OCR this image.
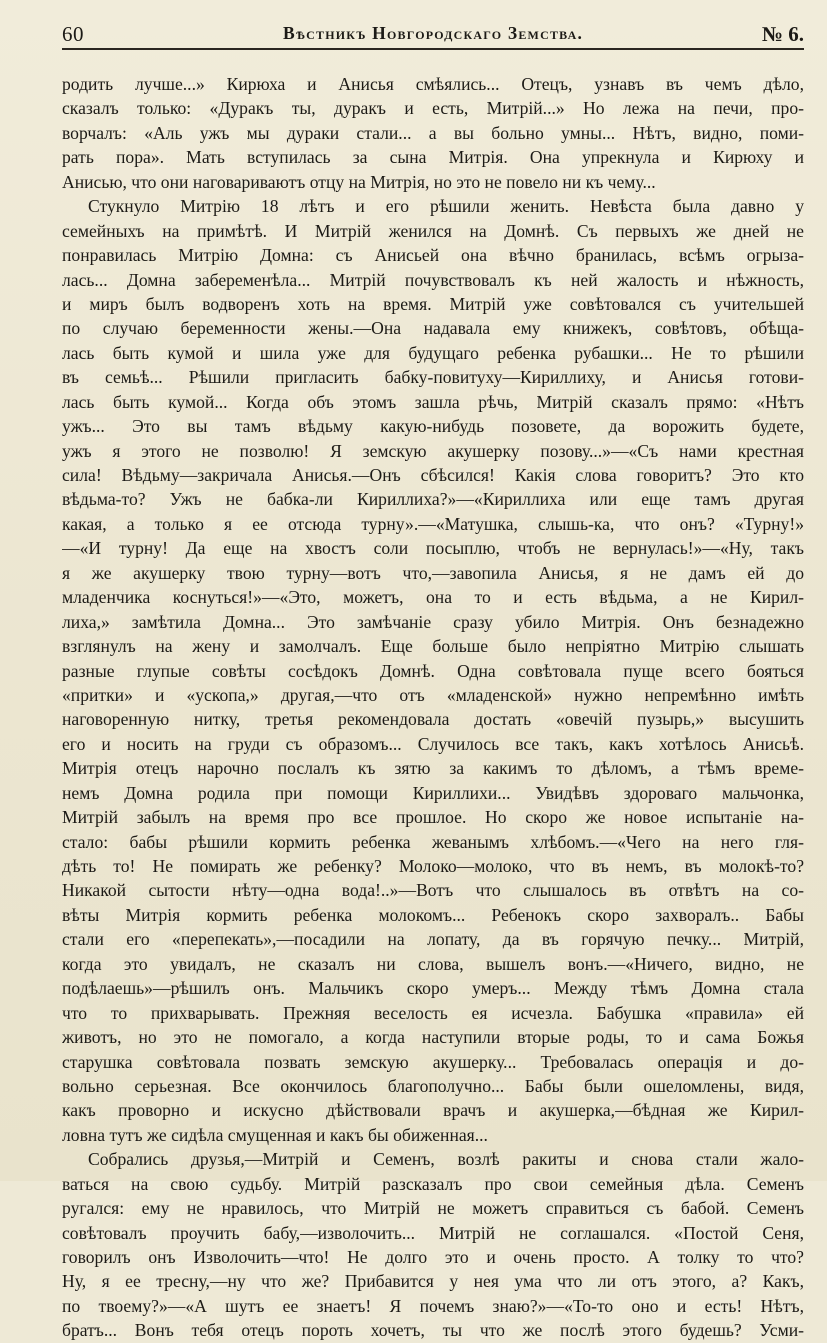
60	Вѣстникъ Новгородскаго Земства.	№ 6.
родить лучше...» Кирюха и Анисья смѣялись... Отецъ, узнавъ въ чемъ дѣло,
сказалъ только: «Дуракъ ты, дуракъ и есть, Митрій...» Но лежа на печи, про-
ворчалъ: «Аль ужъ мы дураки стали... а вы больно умны... Нѣтъ, видно, поми-
рать пора». Мать вступилась за сына Митрія. Она упрекнула и Кирюху и
Анисью, что они наговариваютъ отцу на Митрія, но это не повело ни къ чему...
Стукнуло Митрію 18 лѣтъ и его рѣшили женить. Невѣста была давно у
семейныхъ на примѣтѣ. И Митрій женился на Домнѣ. Съ первыхъ же дней не
понравилась Митрію Домна: съ Анисьей она вѣчно бранилась, всѣмъ огрыза-
лась... Домна забеременѣла... Митрій почувствовалъ къ ней жалость и нѣжность,
и миръ былъ водворенъ хоть на время. Митрій уже совѣтовался съ учительшей
по случаю беременности жены.—Она надавала ему книжекъ, совѣтовъ, обѣща-
лась быть кумой и шила уже для будущаго ребенка рубашки... Не то рѣшили
въ семьѣ... Рѣшили пригласить бабку-повитуху—Кириллиху, и Анисья готови-
лась быть кумой... Когда объ этомъ зашла рѣчь, Митрій сказалъ прямо: «Нѣтъ
ужъ... Это вы тамъ вѣдьму какую-нибудь позовете, да ворожить будете,
ужъ я этого не позволю! Я земскую акушерку позову...»—«Съ нами крестная
сила! Вѣдьму—закричала Анисья.—Онъ сбѣсился! Какія слова говоритъ? Это кто
вѣдьма-то? Ужъ не бабка-ли Кириллиха?»—«Кириллиха или еще тамъ другая
какая, а только я ее отсюда турну».—«Матушка, слышь-ка, что онъ? «Турну!»
—«И турну! Да еще на хвостъ соли посыплю, чтобъ не вернулась!»—«Ну, такъ
я же акушерку твою турну—вотъ что,—завопила Анисья, я не дамъ ей до
младенчика коснуться!»—«Это, можетъ, она то и есть вѣдьма, а не Кирил-
лиха,» замѣтила Домна... Это замѣчаніе сразу убило Митрія. Онъ безнадежно
взглянулъ на жену и замолчалъ. Еще больше было непріятно Митрію слышать
разные глупые совѣты сосѣдокъ Домнѣ. Одна совѣтовала пуще всего бояться
«притки» и «ускопа,» другая,—что отъ «младенской» нужно непремѣнно имѣть
наговоренную нитку, третья рекомендовала достать «овечій пузырь,» высушить
его и носить на груди съ образомъ... Случилось все такъ, какъ хотѣлось Анисьѣ.
Митрія отецъ нарочно послалъ къ зятю за какимъ то дѣломъ, а тѣмъ време-
немъ Домна родила при помощи Кириллихи... Увидѣвъ здороваго мальчонка,
Митрій забылъ на время про все прошлое. Но скоро же новое испытаніе на-
стало: бабы рѣшили кормить ребенка жеванымъ хлѣбомъ.—«Чего на него гля-
дѣть то! Не помирать же ребенку? Молоко—молоко, что въ немъ, въ молокѣ-то?
Никакой сытости нѣту—одна вода!..»—Вотъ что слышалось въ отвѣтъ на со-
вѣты Митрія кормить ребенка молокомъ... Ребенокъ скоро захворалъ.. Бабы
стали его «перепекать»,—посадили на лопату, да въ горячую печку... Митрій,
когда это увидалъ, не сказалъ ни слова, вышелъ вонъ.—«Ничего, видно, не
подѣлаешь»—рѣшилъ онъ. Мальчикъ скоро умеръ... Между тѣмъ Домна стала
что то прихварывать. Прежняя веселость ея исчезла. Бабушка «правила» ей
животъ, но это не помогало, а когда наступили вторые роды, то и сама Божья
старушка совѣтовала позвать земскую акушерку... Требовалась операція и до-
вольно серьезная. Все окончилось благополучно... Бабы были ошеломлены, видя,
какъ проворно и искусно дѣйствовали врачъ и акушерка,—бѣдная же Кирил-
ловна тутъ же сидѣла смущенная и какъ бы обиженная...
Собрались друзья,—Митрій и Семенъ, возлѣ ракиты и снова стали жало-
ваться на свою судьбу. Митрій разсказалъ про свои семейныя дѣла. Семенъ
ругался: ему не нравилось, что Митрій не можетъ справиться съ бабой. Семенъ
совѣтовалъ проучить бабу,—изволочить... Митрій не соглашался. «Постой Сеня,
говорилъ онъ Изволочить—что! Не долго это и очень просто. А толку то что?
Ну, я ее тресну,—ну что же? Прибавится у нея ума что ли отъ этого, а? Какъ,
по твоему?»—«А шутъ ее знаетъ! Я почемъ знаю?»—«То-то оно и есть! Нѣтъ,
братъ... Вонъ тебя отецъ пороть хочетъ, ты что же послѣ этого будешь? Усми-
